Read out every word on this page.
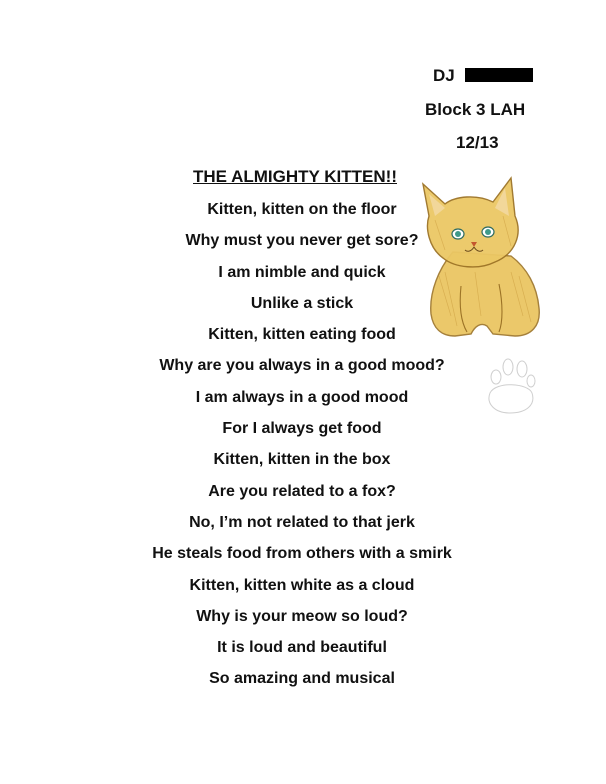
DJ
Block 3 LAH
12/13
THE ALMIGHTY KITTEN!!
Kitten, kitten on the floor
Why must you never get sore?
I am nimble and quick
Unlike a stick
Kitten, kitten eating food
Why are you always in a good mood?
I am always in a good mood
For I always get food
Kitten, kitten in the box
Are you related to a fox?
No, I’m not related to that jerk
He steals food from others with a smirk
Kitten, kitten white as a cloud
Why is your meow so loud?
It is loud and beautiful
So amazing and musical
